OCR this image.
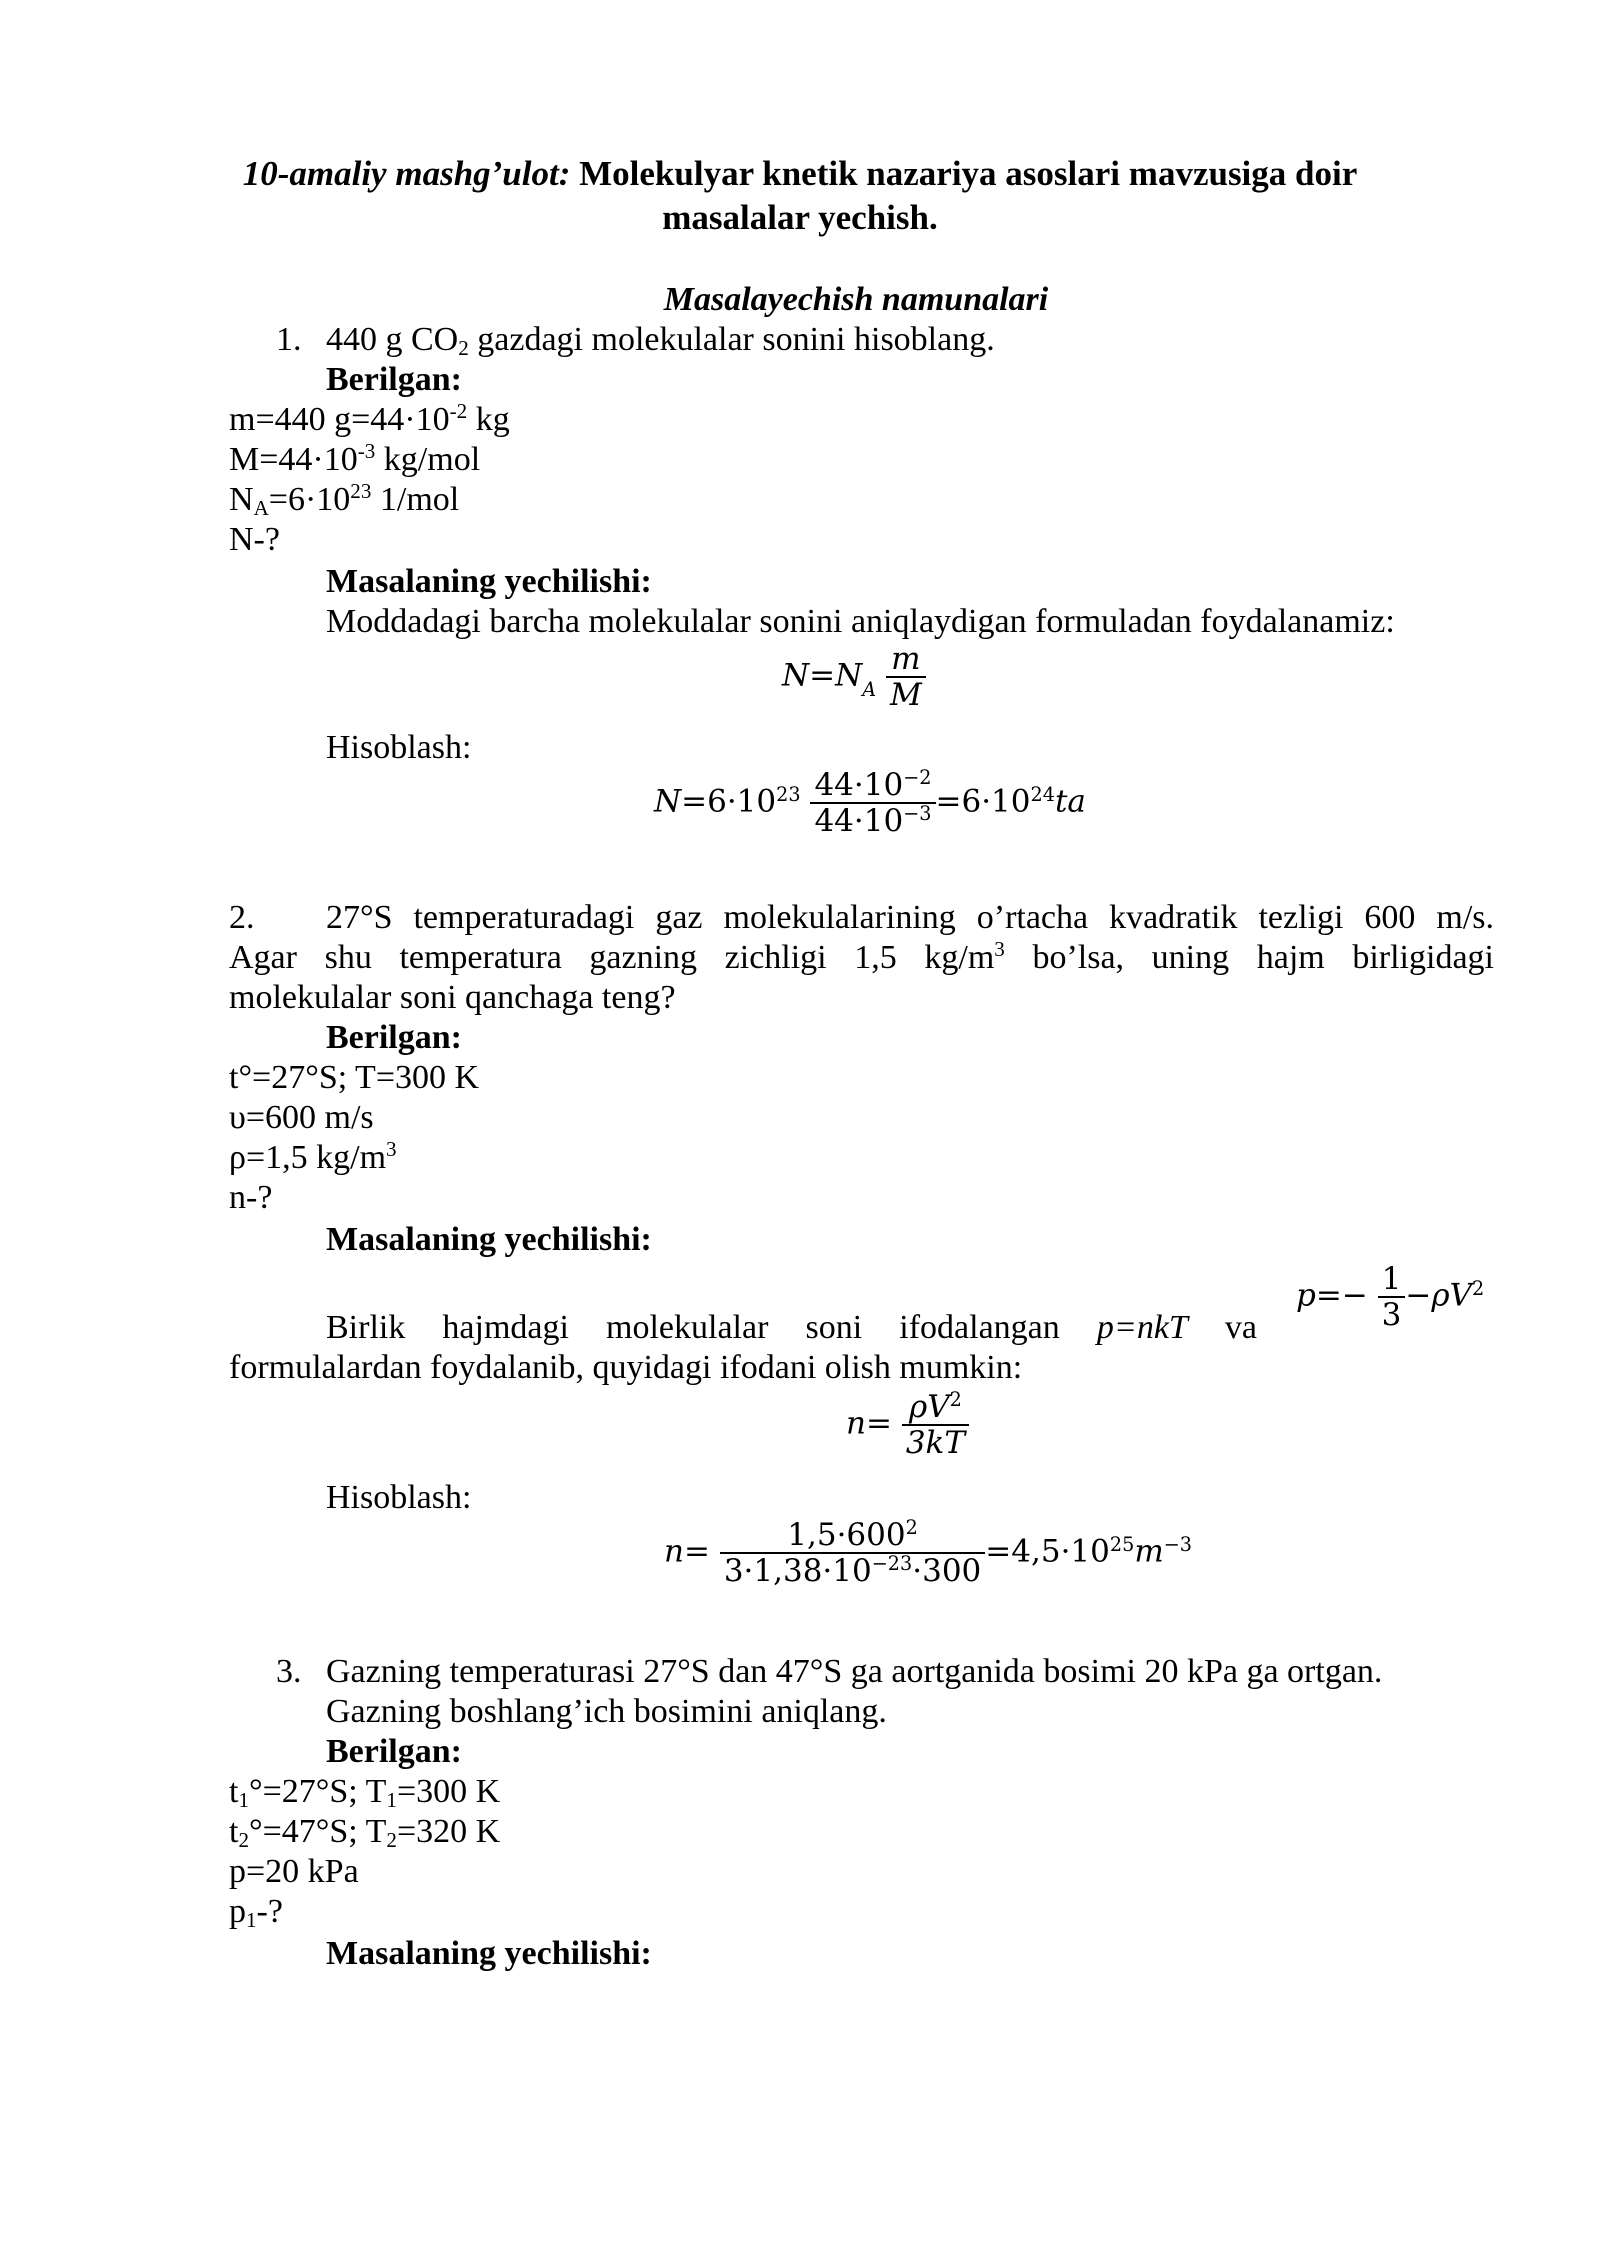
10-amaliy mashg’ulot: Molekulyar knetik nazariya asoslari mavzusiga doir
masalalar yechish.
Masalayechish namunalari
1. 440 g $CO_2$ gazdagi molekulalar sonini hisoblang.
Berilgan:
m=440 $g=44\cdot 10^{-2}$ kg
$M=44\cdot 10^{-3}$ kg/mol
$N_A=6\cdot 10^{23}$ 1/mol
N-?
Masalaning yechilishi:
Moddadagi barcha molekulalar sonini aniqlaydigan formuladan foydalanamiz:
$N=N_A \frac{m}{M}$
Hisoblash:
$N=6\cdot 10^{23} \frac{44\cdot 10^{-2}}{44\cdot 10^{-3}} =6\cdot 10^{24}ta$
2. 27°S temperaturadagi gaz molekulalarining o’rtacha kvadratik tezligi 600 m/s.
Agar shu temperatura gazning zichligi 1,5 $kg/m^3$ bo’lsa, uning hajm birligidagi
molekulalar soni qanchaga teng?
Berilgan:
t°=27°S; T=300 K
υ=600 m/s
ρ=1,5 $kg/m^3$
n-?
Masalaning yechilishi:
$p=- \frac{1}{3} -\rho V^2$
Birlik hajmdagi molekulalar soni ifodalangan p=nkT va
formulalardan foydalanib, quyidagi ifodani olish mumkin:
$n= \frac{\rho V^2}{3kT}$
Hisoblash:
$n= \frac{1,5\cdot 600^2}{3\cdot 1,38\cdot 10^{-23}\cdot 300} =4,5\cdot 10^{25}m^{-3}$
3. Gazning temperaturasi 27°S dan 47°S ga aortganida bosimi 20 kPa ga ortgan.
Gazning boshlang’ich bosimini aniqlang.
Berilgan:
$t_1^\circ=27^\circ S$; $T_1=300$ K
$t_2^\circ=47^\circ S$; $T_2=320$ K
p=20 kPa
$p_1-$?
Masalaning yechilishi:
